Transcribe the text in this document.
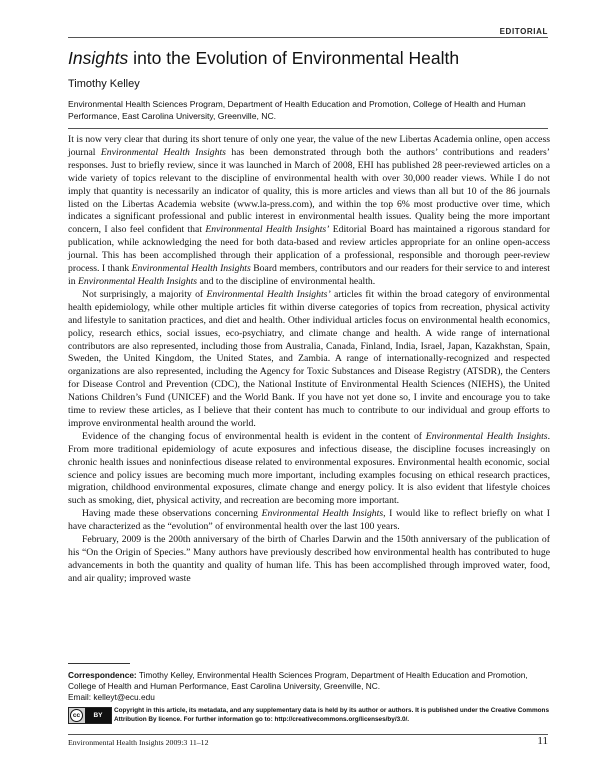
EDITORIAL
Insights into the Evolution of Environmental Health
Timothy Kelley
Environmental Health Sciences Program, Department of Health Education and Promotion, College of Health and Human Performance, East Carolina University, Greenville, NC.

It is now very clear that during its short tenure of only one year, the value of the new Libertas Academia online, open access journal Environmental Health Insights has been demonstrated through both the authors’ contributions and readers’ responses. Just to briefly review, since it was launched in March of 2008, EHI has published 28 peer-reviewed articles on a wide variety of topics relevant to the discipline of environmental health with over 30,000 reader views. While I do not imply that quantity is necessarily an indicator of quality, this is more articles and views than all but 10 of the 86 journals listed on the Libertas Academia website (www.la-press.com), and within the top 6% most productive over time, which indicates a significant professional and public interest in environmental health issues. Quality being the more important concern, I also feel confident that Environmental Health Insights’ Editorial Board has maintained a rigorous standard for publication, while acknowledging the need for both data-based and review articles appropriate for an online open-access journal. This has been accomplished through their application of a professional, responsible and thorough peer-review process. I thank Environmental Health Insights Board members, contributors and our readers for their service to and interest in Environmental Health Insights and to the discipline of environmental health.

Not surprisingly, a majority of Environmental Health Insights’ articles fit within the broad category of environmental health epidemiology, while other multiple articles fit within diverse categories of topics from recreation, physical activity and lifestyle to sanitation practices, and diet and health. Other individual articles focus on environmental health economics, policy, research ethics, social issues, eco-psychiatry, and climate change and health. A wide range of international contributors are also represented, including those from Australia, Canada, Finland, India, Israel, Japan, Kazakhstan, Spain, Sweden, the United Kingdom, the United States, and Zambia. A range of internationally-recognized and respected organizations are also represented, including the Agency for Toxic Substances and Disease Registry (ATSDR), the Centers for Disease Control and Prevention (CDC), the National Institute of Environmental Health Sciences (NIEHS), the United Nations Children’s Fund (UNICEF) and the World Bank. If you have not yet done so, I invite and encourage you to take time to review these articles, as I believe that their content has much to contribute to our individual and group efforts to improve environmental health around the world.

Evidence of the changing focus of environmental health is evident in the content of Environmental Health Insights. From more traditional epidemiology of acute exposures and infectious disease, the discipline focuses increasingly on chronic health issues and noninfectious disease related to environmental exposures. Environmental health economic, social science and policy issues are becoming much more important, including examples focusing on ethical research practices, migration, childhood environmental exposures, climate change and energy policy. It is also evident that lifestyle choices such as smoking, diet, physical activity, and recreation are becoming more important.

Having made these observations concerning Environmental Health Insights, I would like to reflect briefly on what I have characterized as the “evolution” of environmental health over the last 100 years.

February, 2009 is the 200th anniversary of the birth of Charles Darwin and the 150th anniversary of the publication of his “On the Origin of Species.” Many authors have previously described how environmental health has contributed to huge advancements in both the quantity and quality of human life. This has been accomplished through improved water, food, and air quality; improved waste

Correspondence: Timothy Kelley, Environmental Health Sciences Program, Department of Health Education and Promotion, College of Health and Human Performance, East Carolina University, Greenville, NC.
Email: kelleyt@ecu.edu
cc	BY
Copyright in this article, its metadata, and any supplementary data is held by its author or authors. It is published under the Creative Commons Attribution By licence. For further information go to: http://creativecommons.org/licenses/by/3.0/.
Environmental Health Insights 2009:3 11–12	11
